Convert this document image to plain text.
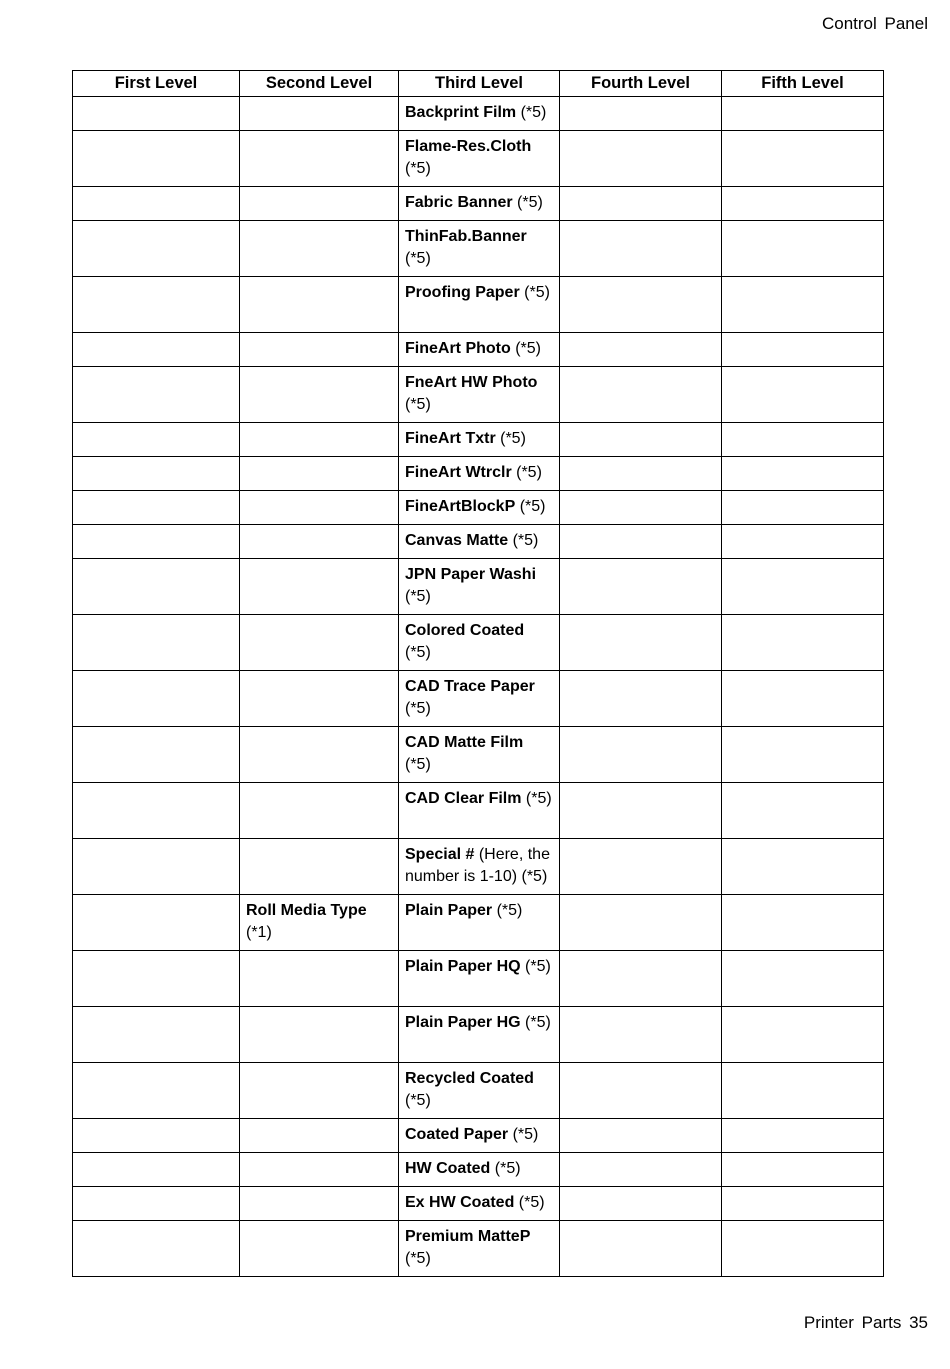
Control Panel
First Level	Second Level	Third Level	Fourth Level	Fifth Level
		Backprint Film (*5)		
		Flame-Res.Cloth (*5)		
		Fabric Banner (*5)		
		ThinFab.Banner (*5)		
		Proofing Paper (*5)		
		FineArt Photo (*5)		
		FneArt HW Photo (*5)		
		FineArt Txtr (*5)		
		FineArt Wtrclr (*5)		
		FineArtBlockP (*5)		
		Canvas Matte (*5)		
		JPN Paper Washi (*5)		
		Colored Coated (*5)		
		CAD Trace Paper (*5)		
		CAD Matte Film (*5)		
		CAD Clear Film (*5)		
		Special # (Here, the number is 1-10) (*5)		
	Roll Media Type (*1)	Plain Paper (*5)		
		Plain Paper HQ (*5)		
		Plain Paper HG (*5)		
		Recycled Coated (*5)		
		Coated Paper (*5)		
		HW Coated (*5)		
		Ex HW Coated (*5)		
		Premium MatteP (*5)		
Printer Parts 35
